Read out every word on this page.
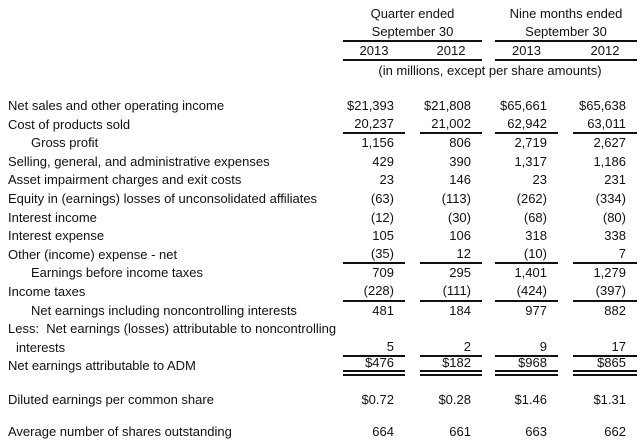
Quarter ended	Nine months ended
September 30	September 30
2013	2012	2013	2012
(in millions, except per share amounts)
Net sales and other operating income	$21,393	$21,808	$65,661	$65,638
Cost of products sold	20,237	21,002	62,942	63,011
Gross profit	1,156	806	2,719	2,627
Selling, general, and administrative expenses	429	390	1,317	1,186
Asset impairment charges and exit costs	23	146	23	231
Equity in (earnings) losses of unconsolidated affiliates	(63)	(113)	(262)	(334)
Interest income	(12)	(30)	(68)	(80)
Interest expense	105	106	318	338
Other (income) expense - net	(35)	12	(10)	7
Earnings before income taxes	709	295	1,401	1,279
Income taxes	(228)	(111)	(424)	(397)
Net earnings including noncontrolling interests	481	184	977	882
Less:  Net earnings (losses) attributable to noncontrolling
interests	5	2	9	17
Net earnings attributable to ADM	$476	$182	$968	$865
Diluted earnings per common share	$0.72	$0.28	$1.46	$1.31
Average number of shares outstanding	664	661	663	662
